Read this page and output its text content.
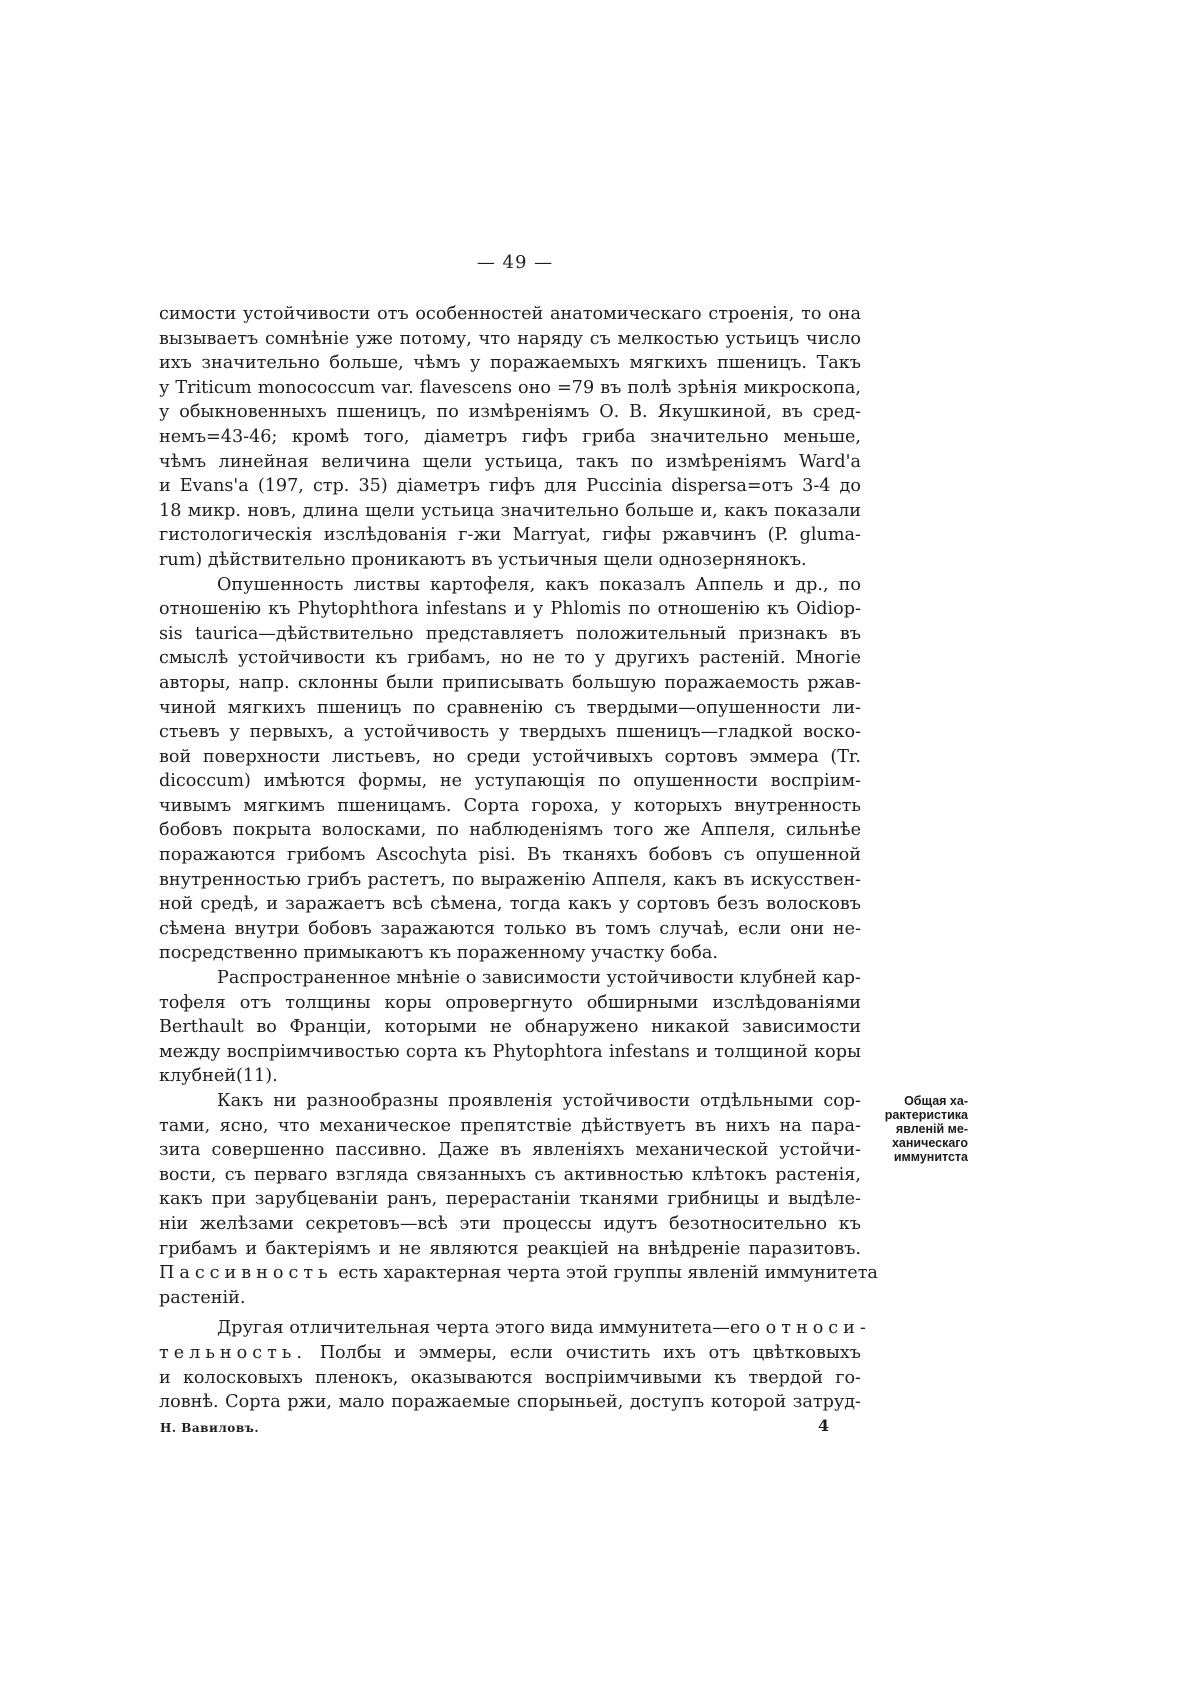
— 49 —
симости устойчивости отъ особенностей анатомическаго строенія, то она
вызываетъ сомнѣніе уже потому, что наряду съ мелкостью устьицъ число
ихъ значительно больше, чѣмъ у поражаемыхъ мягкихъ пшеницъ. Такъ
у Triticum monococcum var. flavescens оно =79 въ полѣ зрѣнія микроскопа,
у обыкновенныхъ пшеницъ, по измѣреніямъ О. В. Якушкиной, въ сред-
немъ=43-46; кромѣ того, діаметръ гифъ гриба значительно меньше,
чѣмъ линейная величина щели устьица, такъ по измѣреніямъ Ward'а
и Evans'а (197, стр. 35) діаметръ гифъ для Puccinia dispersa=отъ 3-4 до
18 микр. новъ, длина щели устьица значительно больше и, какъ показали
гистологическія изслѣдованія г-жи Marryat, гифы ржавчинъ (P. gluma-
rum) дѣйствительно проникаютъ въ устьичныя щели однозернянокъ.
Опушенность листвы картофеля, какъ показалъ Аппель и др., по
отношенію къ Phytophthora infestans и у Phlomis по отношенію къ Oidiop-
sis taurica—дѣйствительно представляетъ положительный признакъ въ
смыслѣ устойчивости къ грибамъ, но не то у другихъ растеній. Многіе
авторы, напр. склонны были приписывать большую поражаемость ржав-
чиной мягкихъ пшеницъ по сравненію съ твердыми—опушенности ли-
стьевъ у первыхъ, а устойчивость у твердыхъ пшеницъ—гладкой воско-
вой поверхности листьевъ, но среди устойчивыхъ сортовъ эммера (Tr.
dicoccum) имѣются формы, не уступающія по опушенности воспріим-
чивымъ мягкимъ пшеницамъ. Сорта гороха, у которыхъ внутренность
бобовъ покрыта волосками, по наблюденіямъ того же Аппеля, сильнѣе
поражаются грибомъ Ascochyta pisi. Въ тканяхъ бобовъ съ опушенной
внутренностью грибъ растетъ, по выраженію Аппеля, какъ въ искусствен-
ной средѣ, и заражаетъ всѣ сѣмена, тогда какъ у сортовъ безъ волосковъ
сѣмена внутри бобовъ заражаются только въ томъ случаѣ, если они не-
посредственно примыкаютъ къ пораженному участку боба.
Распространенное мнѣніе о зависимости устойчивости клубней кар-
тофеля отъ толщины коры опровергнуто обширными изслѣдованіями
Berthault во Франціи, которыми не обнаружено никакой зависимости
между воспріимчивостью сорта къ Phytophtora infestans и толщиной коры
клубней(11).
Какъ ни разнообразны проявленія устойчивости отдѣльными сор-
тами, ясно, что механическое препятствіе дѣйствуетъ въ нихъ на пара-
зита совершенно пассивно. Даже въ явленіяхъ механической устойчи-
вости, съ перваго взгляда связанныхъ съ активностью клѣтокъ растенія,
какъ при зарубцеваніи ранъ, перерастаніи тканями грибницы и выдѣле-
ніи желѣзами секретовъ—всѣ эти процессы идутъ безотносительно къ
грибамъ и бактеріямъ и не являются реакціей на внѣдреніе паразитовъ.
Пассивность есть характерная черта этой группы явленій иммунитета
растеній.
Другая отличительная черта этого вида иммунитета—его относи-
тельность. Полбы и эммеры, если очистить ихъ отъ цвѣтковыхъ
и колосковыхъ пленокъ, оказываются воспріимчивыми къ твердой го-
ловнѣ. Сорта ржи, мало поражаемые спорыньей, доступъ которой затруд-
Общая ха-
рактеристика
явленій ме-
ханическаго
иммунитста
Н. Вавиловъ.	4
